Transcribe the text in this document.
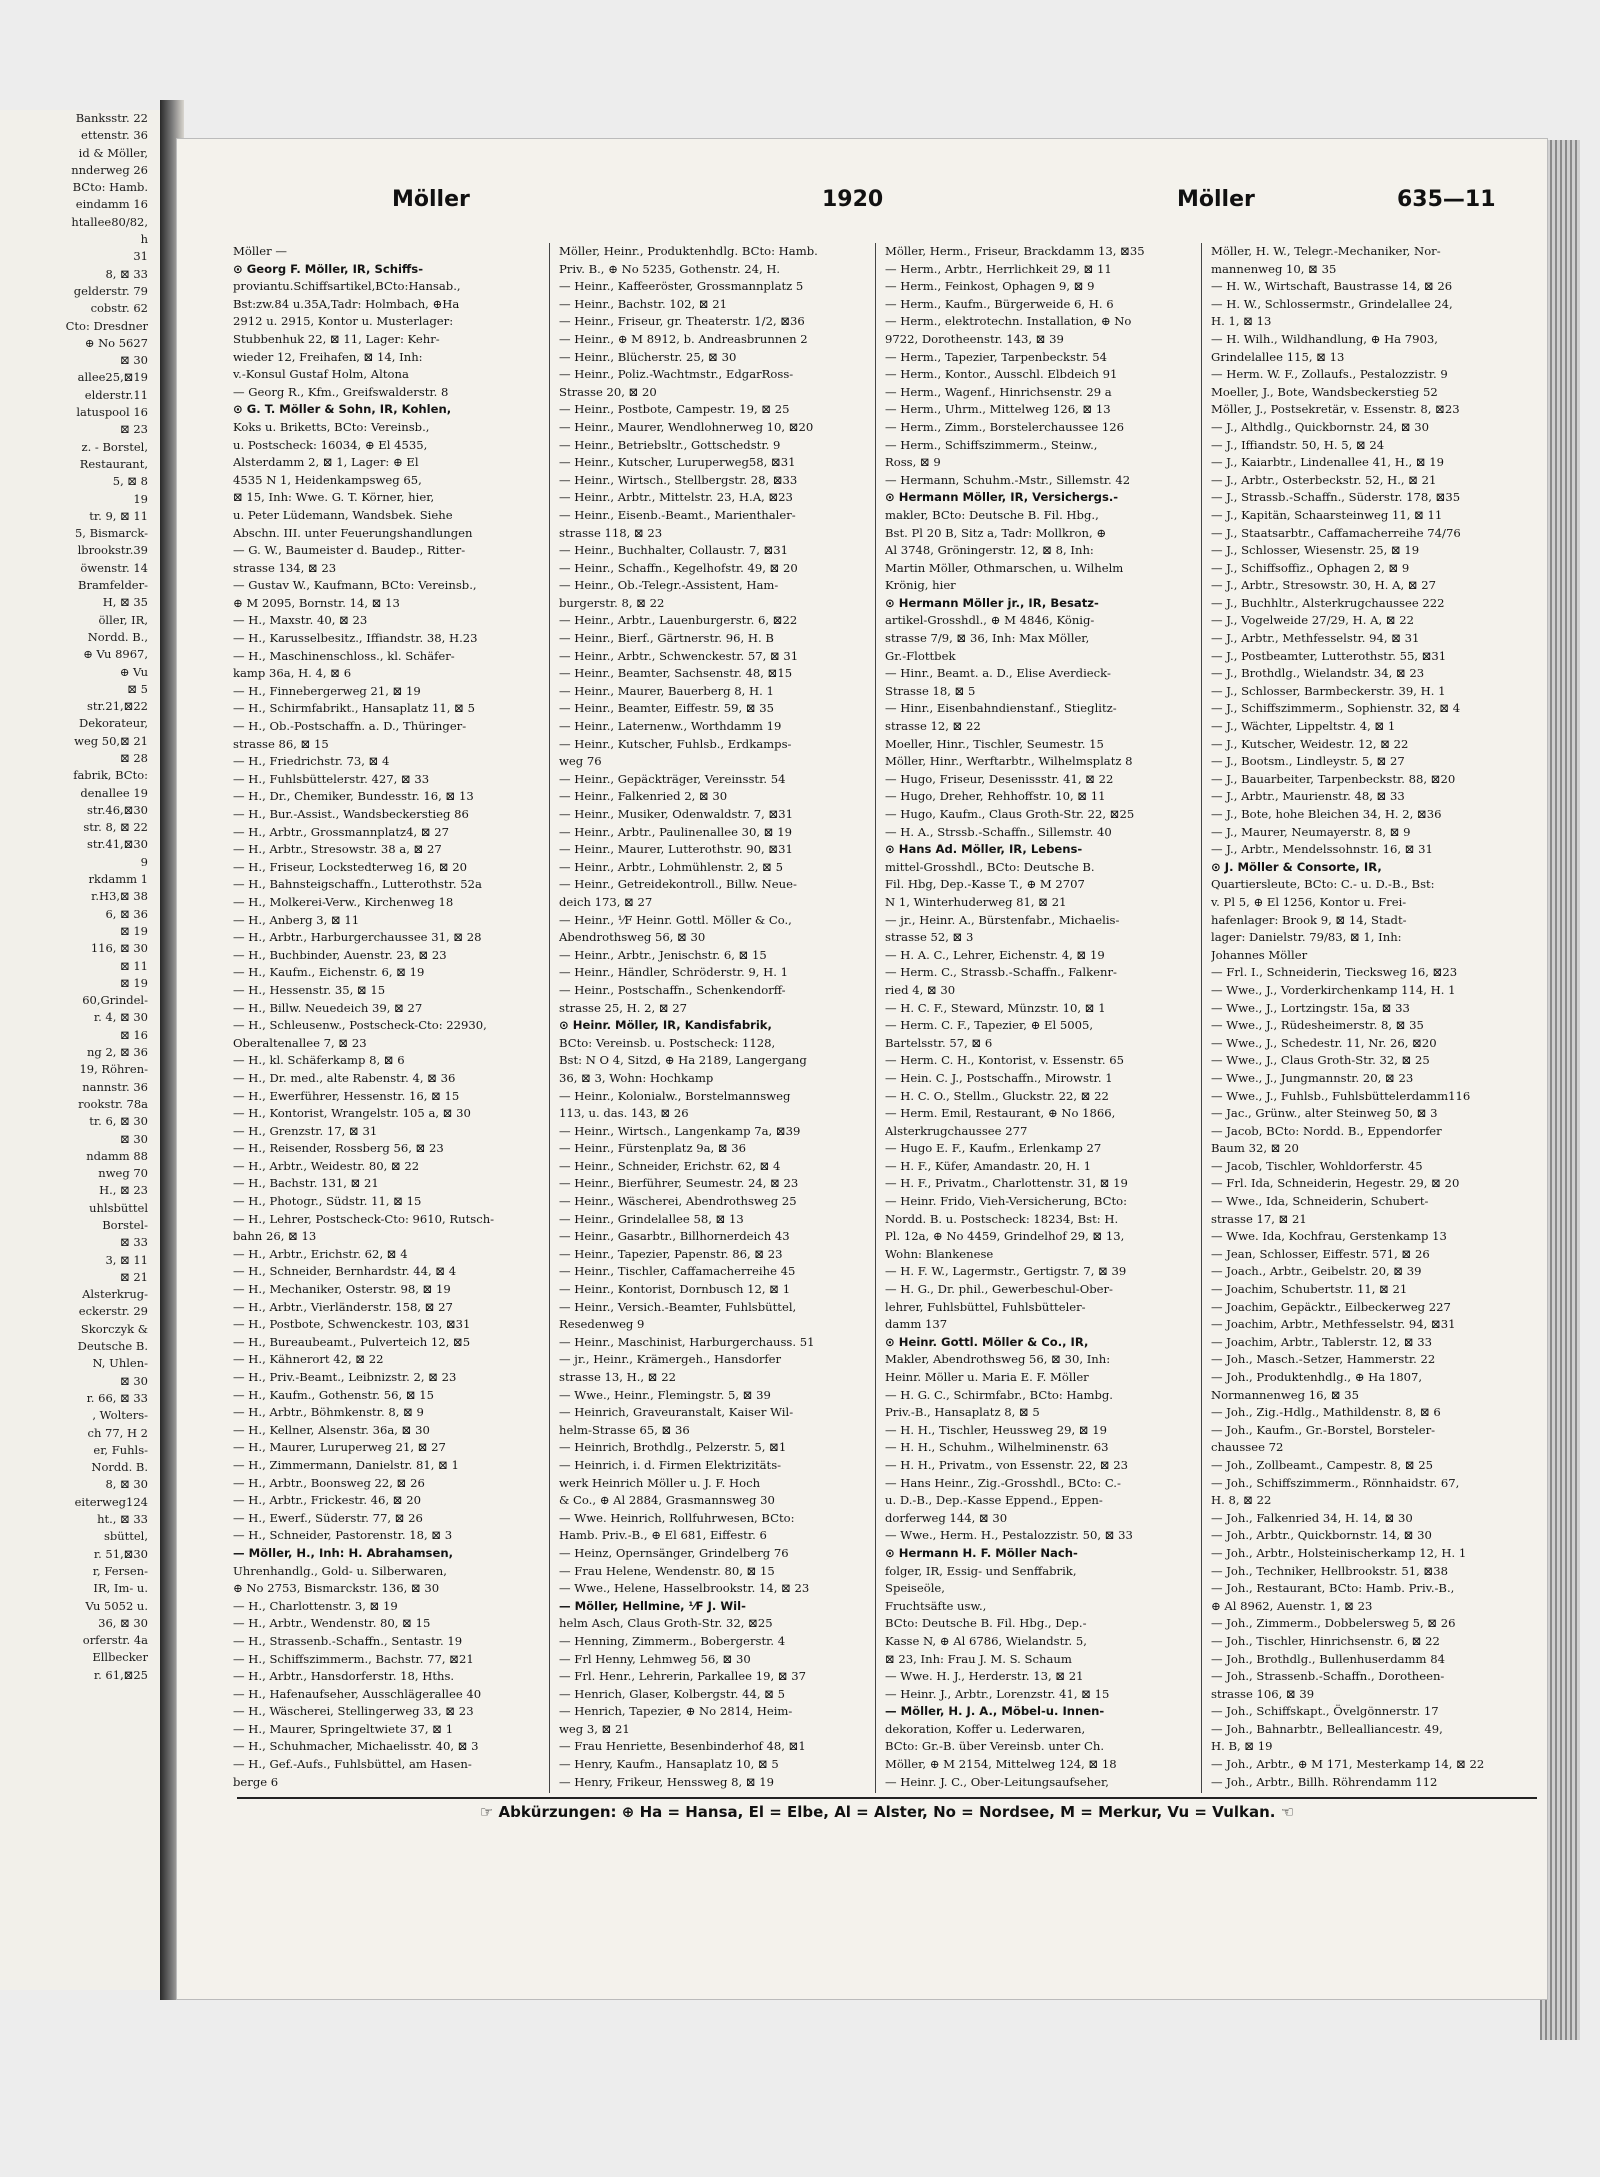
Banksstr. 22
ettenstr. 36
id & Möller,
nnderweg 26
BCto: Hamb.
eindamm 16
htallee80/82,
h
31
8, ⊠ 33
gelderstr. 79
cobstr. 62
Cto: Dresdner
⊕ No 5627
⊠ 30
allee25,⊠19
elderstr.11
latuspool 16
⊠ 23
z. - Borstel,
Restaurant,
5, ⊠ 8
19
tr. 9, ⊠ 11
5, Bismarck-
lbrookstr.39
öwenstr. 14
Bramfelder-
H, ⊠ 35
öller, IR,
Nordd. B.,
⊕ Vu 8967,
⊕ Vu
⊠ 5
str.21,⊠22
Dekorateur,
weg 50,⊠ 21
⊠ 28
fabrik, BCto:
denallee 19
str.46,⊠30
str. 8, ⊠ 22
str.41,⊠30
9
rkdamm 1
r.H3,⊠ 38
6, ⊠ 36
⊠ 19
116, ⊠ 30
⊠ 11
⊠ 19
60,Grindel-
r. 4, ⊠ 30
⊠ 16
ng 2, ⊠ 36
19, Röhren-
nannstr. 36
rookstr. 78a
tr. 6, ⊠ 30
⊠ 30
ndamm 88
nweg 70
H., ⊠ 23
uhlsbüttel
Borstel-
⊠ 33
3, ⊠ 11
⊠ 21
Alsterkrug-
eckerstr. 29
Skorczyk &
Deutsche B.
N, Uhlen-
⊠ 30
r. 66, ⊠ 33
, Wolters-
ch 77, H 2
er, Fuhls-
Nordd. B.
8, ⊠ 30
eiterweg124
ht., ⊠ 33
sbüttel,
r. 51,⊠30
r, Fersen-
IR, Im- u.
Vu 5052 u.
36, ⊠ 30
orferstr. 4a
Ellbecker
r. 61,⊠25
Möller	1920	Möller	635—11
Möller —
⊙ Georg F. Möller, IR, Schiffs-
proviantu.Schiffsartikel,BCto:Hansab.,
Bst:zw.84 u.35A,Tadr: Holmbach, ⊕Ha
2912 u. 2915, Kontor u. Musterlager:
Stubbenhuk 22, ⊠ 11, Lager: Kehr-
wieder 12, Freihafen, ⊠ 14, Inh:
v.-Konsul Gustaf Holm, Altona
— Georg R., Kfm., Greifswalderstr. 8
⊙ G. T. Möller & Sohn, IR, Kohlen,
Koks u. Briketts, BCto: Vereinsb.,
u. Postscheck: 16034, ⊕ El 4535,
Alsterdamm 2, ⊠ 1, Lager: ⊕ El
4535 N 1, Heidenkampsweg 65,
⊠ 15, Inh: Wwe. G. T. Körner, hier,
u. Peter Lüdemann, Wandsbek. Siehe
Abschn. III. unter Feuerungshandlungen
— G. W., Baumeister d. Baudep., Ritter-
strasse 134, ⊠ 23
— Gustav W., Kaufmann, BCto: Vereinsb.,
⊕ M 2095, Bornstr. 14, ⊠ 13
— H., Maxstr. 40, ⊠ 23
— H., Karusselbesitz., Iffiandstr. 38, H.23
— H., Maschinenschloss., kl. Schäfer-
kamp 36a, H. 4, ⊠ 6
— H., Finnebergerweg 21, ⊠ 19
— H., Schirmfabrikt., Hansaplatz 11, ⊠ 5
— H., Ob.-Postschaffn. a. D., Thüringer-
strasse 86, ⊠ 15
— H., Friedrichstr. 73, ⊠ 4
— H., Fuhlsbüttelerstr. 427, ⊠ 33
— H., Dr., Chemiker, Bundesstr. 16, ⊠ 13
— H., Bur.-Assist., Wandsbeckerstieg 86
— H., Arbtr., Grossmannplatz4, ⊠ 27
— H., Arbtr., Stresowstr. 38 a, ⊠ 27
— H., Friseur, Lockstedterweg 16, ⊠ 20
— H., Bahnsteigschaffn., Lutterothstr. 52a
— H., Molkerei-Verw., Kirchenweg 18
— H., Anberg 3, ⊠ 11
— H., Arbtr., Harburgerchaussee 31, ⊠ 28
— H., Buchbinder, Auenstr. 23, ⊠ 23
— H., Kaufm., Eichenstr. 6, ⊠ 19
— H., Hessenstr. 35, ⊠ 15
— H., Billw. Neuedeich 39, ⊠ 27
— H., Schleusenw., Postscheck-Cto: 22930,
Oberaltenallee 7, ⊠ 23
— H., kl. Schäferkamp 8, ⊠ 6
— H., Dr. med., alte Rabenstr. 4, ⊠ 36
— H., Ewerführer, Hessenstr. 16, ⊠ 15
— H., Kontorist, Wrangelstr. 105 a, ⊠ 30
— H., Grenzstr. 17, ⊠ 31
— H., Reisender, Rossberg 56, ⊠ 23
— H., Arbtr., Weidestr. 80, ⊠ 22
— H., Bachstr. 131, ⊠ 21
— H., Photogr., Südstr. 11, ⊠ 15
— H., Lehrer, Postscheck-Cto: 9610, Rutsch-
bahn 26, ⊠ 13
— H., Arbtr., Erichstr. 62, ⊠ 4
— H., Schneider, Bernhardstr. 44, ⊠ 4
— H., Mechaniker, Osterstr. 98, ⊠ 19
— H., Arbtr., Vierländerstr. 158, ⊠ 27
— H., Postbote, Schwenckestr. 103, ⊠31
— H., Bureaubeamt., Pulverteich 12, ⊠5
— H., Kähnerort 42, ⊠ 22
— H., Priv.-Beamt., Leibnizstr. 2, ⊠ 23
— H., Kaufm., Gothenstr. 56, ⊠ 15
— H., Arbtr., Böhmkenstr. 8, ⊠ 9
— H., Kellner, Alsenstr. 36a, ⊠ 30
— H., Maurer, Luruperweg 21, ⊠ 27
— H., Zimmermann, Danielstr. 81, ⊠ 1
— H., Arbtr., Boonsweg 22, ⊠ 26
— H., Arbtr., Frickestr. 46, ⊠ 20
— H., Ewerf., Süderstr. 77, ⊠ 26
— H., Schneider, Pastorenstr. 18, ⊠ 3
— Möller, H., Inh: H. Abrahamsen,
Uhrenhandlg., Gold- u. Silberwaren,
⊕ No 2753, Bismarckstr. 136, ⊠ 30
— H., Charlottenstr. 3, ⊠ 19
— H., Arbtr., Wendenstr. 80, ⊠ 15
— H., Strassenb.-Schaffn., Sentastr. 19
— H., Schiffszimmerm., Bachstr. 77, ⊠21
— H., Arbtr., Hansdorferstr. 18, Hths.
— H., Hafenaufseher, Ausschlägerallee 40
— H., Wäscherei, Stellingerweg 33, ⊠ 23
— H., Maurer, Springeltwiete 37, ⊠ 1
— H., Schuhmacher, Michaelisstr. 40, ⊠ 3
— H., Gef.-Aufs., Fuhlsbüttel, am Hasen-
berge 6
Möller, Heinr., Produktenhdlg. BCto: Hamb.
Priv. B., ⊕ No 5235, Gothenstr. 24, H.
— Heinr., Kaffeeröster, Grossmannplatz 5
— Heinr., Bachstr. 102, ⊠ 21
— Heinr., Friseur, gr. Theaterstr. 1/2, ⊠36
— Heinr., ⊕ M 8912, b. Andreasbrunnen 2
— Heinr., Blücherstr. 25, ⊠ 30
— Heinr., Poliz.-Wachtmstr., EdgarRoss-
Strasse 20, ⊠ 20
— Heinr., Postbote, Campestr. 19, ⊠ 25
— Heinr., Maurer, Wendlohnerweg 10, ⊠20
— Heinr., Betriebsltr., Gottschedstr. 9
— Heinr., Kutscher, Luruperweg58, ⊠31
— Heinr., Wirtsch., Stellbergstr. 28, ⊠33
— Heinr., Arbtr., Mittelstr. 23, H.A, ⊠23
— Heinr., Eisenb.-Beamt., Marienthaler-
strasse 118, ⊠ 23
— Heinr., Buchhalter, Collaustr. 7, ⊠31
— Heinr., Schaffn., Kegelhofstr. 49, ⊠ 20
— Heinr., Ob.-Telegr.-Assistent, Ham-
burgerstr. 8, ⊠ 22
— Heinr., Arbtr., Lauenburgerstr. 6, ⊠22
— Heinr., Bierf., Gärtnerstr. 96, H. B
— Heinr., Arbtr., Schwenckestr. 57, ⊠ 31
— Heinr., Beamter, Sachsenstr. 48, ⊠15
— Heinr., Maurer, Bauerberg 8, H. 1
— Heinr., Beamter, Eiffestr. 59, ⊠ 35
— Heinr., Laternenw., Worthdamm 19
— Heinr., Kutscher, Fuhlsb., Erdkamps-
weg 76
— Heinr., Gepäckträger, Vereinsstr. 54
— Heinr., Falkenried 2, ⊠ 30
— Heinr., Musiker, Odenwaldstr. 7, ⊠31
— Heinr., Arbtr., Paulinenallee 30, ⊠ 19
— Heinr., Maurer, Lutterothstr. 90, ⊠31
— Heinr., Arbtr., Lohmühlenstr. 2, ⊠ 5
— Heinr., Getreidekontroll., Billw. Neue-
deich 173, ⊠ 27
— Heinr., ⅟F Heinr. Gottl. Möller & Co.,
Abendrothsweg 56, ⊠ 30
— Heinr., Arbtr., Jenischstr. 6, ⊠ 15
— Heinr., Händler, Schröderstr. 9, H. 1
— Heinr., Postschaffn., Schenkendorff-
strasse 25, H. 2, ⊠ 27
⊙ Heinr. Möller, IR, Kandisfabrik,
BCto: Vereinsb. u. Postscheck: 1128,
Bst: N O 4, Sitzd, ⊕ Ha 2189, Langergang
36, ⊠ 3, Wohn: Hochkamp
— Heinr., Kolonialw., Borstelmannsweg
113, u. das. 143, ⊠ 26
— Heinr., Wirtsch., Langenkamp 7a, ⊠39
— Heinr., Fürstenplatz 9a, ⊠ 36
— Heinr., Schneider, Erichstr. 62, ⊠ 4
— Heinr., Bierführer, Seumestr. 24, ⊠ 23
— Heinr., Wäscherei, Abendrothsweg 25
— Heinr., Grindelallee 58, ⊠ 13
— Heinr., Gasarbtr., Billhornerdeich 43
— Heinr., Tapezier, Papenstr. 86, ⊠ 23
— Heinr., Tischler, Caffamacherreihe 45
— Heinr., Kontorist, Dornbusch 12, ⊠ 1
— Heinr., Versich.-Beamter, Fuhlsbüttel,
Resedenweg 9
— Heinr., Maschinist, Harburgerchauss. 51
— jr., Heinr., Krämergeh., Hansdorfer
strasse 13, H., ⊠ 22
— Wwe., Heinr., Flemingstr. 5, ⊠ 39
— Heinrich, Graveuranstalt, Kaiser Wil-
helm-Strasse 65, ⊠ 36
— Heinrich, Brothdlg., Pelzerstr. 5, ⊠1
— Heinrich, i. d. Firmen Elektrizitäts-
werk Heinrich Möller u. J. F. Hoch
& Co., ⊕ Al 2884, Grasmannsweg 30
— Wwe. Heinrich, Rollfuhrwesen, BCto:
Hamb. Priv.-B., ⊕ El 681, Eiffestr. 6
— Heinz, Opernsänger, Grindelberg 76
— Frau Helene, Wendenstr. 80, ⊠ 15
— Wwe., Helene, Hasselbrookstr. 14, ⊠ 23
— Möller, Hellmine, ⅟F J. Wil-
helm Asch, Claus Groth-Str. 32, ⊠25
— Henning, Zimmerm., Bobergerstr. 4
— Frl Henny, Lehmweg 56, ⊠ 30
— Frl. Henr., Lehrerin, Parkallee 19, ⊠ 37
— Henrich, Glaser, Kolbergstr. 44, ⊠ 5
— Henrich, Tapezier, ⊕ No 2814, Heim-
weg 3, ⊠ 21
— Frau Henriette, Besenbinderhof 48, ⊠1
— Henry, Kaufm., Hansaplatz 10, ⊠ 5
— Henry, Frikeur, Henssweg 8, ⊠ 19
Möller, Herm., Friseur, Brackdamm 13, ⊠35
— Herm., Arbtr., Herrlichkeit 29, ⊠ 11
— Herm., Feinkost, Ophagen 9, ⊠ 9
— Herm., Kaufm., Bürgerweide 6, H. 6
— Herm., elektrotechn. Installation, ⊕ No
9722, Dorotheenstr. 143, ⊠ 39
— Herm., Tapezier, Tarpenbeckstr. 54
— Herm., Kontor., Ausschl. Elbdeich 91
— Herm., Wagenf., Hinrichsenstr. 29 a
— Herm., Uhrm., Mittelweg 126, ⊠ 13
— Herm., Zimm., Borstelerchaussee 126
— Herm., Schiffszimmerm., Steinw.,
Ross, ⊠ 9
— Hermann, Schuhm.-Mstr., Sillemstr. 42
⊙ Hermann Möller, IR, Versichergs.-
makler, BCto: Deutsche B. Fil. Hbg.,
Bst. Pl 20 B, Sitz a, Tadr: Mollkron, ⊕
Al 3748, Gröningerstr. 12, ⊠ 8, Inh:
Martin Möller, Othmarschen, u. Wilhelm
Krönig, hier
⊙ Hermann Möller jr., IR, Besatz-
artikel-Grosshdl., ⊕ M 4846, König-
strasse 7/9, ⊠ 36, Inh: Max Möller,
Gr.-Flottbek
— Hinr., Beamt. a. D., Elise Averdieck-
Strasse 18, ⊠ 5
— Hinr., Eisenbahndienstanf., Stieglitz-
strasse 12, ⊠ 22
Moeller, Hinr., Tischler, Seumestr. 15
Möller, Hinr., Werftarbtr., Wilhelmsplatz 8
— Hugo, Friseur, Desenissstr. 41, ⊠ 22
— Hugo, Dreher, Rehhoffstr. 10, ⊠ 11
— Hugo, Kaufm., Claus Groth-Str. 22, ⊠25
— H. A., Strssb.-Schaffn., Sillemstr. 40
⊙ Hans Ad. Möller, IR, Lebens-
mittel-Grosshdl., BCto: Deutsche B.
Fil. Hbg, Dep.-Kasse T., ⊕ M 2707
N 1, Winterhuderweg 81, ⊠ 21
— jr., Heinr. A., Bürstenfabr., Michaelis-
strasse 52, ⊠ 3
— H. A. C., Lehrer, Eichenstr. 4, ⊠ 19
— Herm. C., Strassb.-Schaffn., Falkenr-
ried 4, ⊠ 30
— H. C. F., Steward, Münzstr. 10, ⊠ 1
— Herm. C. F., Tapezier, ⊕ El 5005,
Bartelsstr. 57, ⊠ 6
— Herm. C. H., Kontorist, v. Essenstr. 65
— Hein. C. J., Postschaffn., Mirowstr. 1
— H. C. O., Stellm., Gluckstr. 22, ⊠ 22
— Herm. Emil, Restaurant, ⊕ No 1866,
Alsterkrugchaussee 277
— Hugo E. F., Kaufm., Erlenkamp 27
— H. F., Küfer, Amandastr. 20, H. 1
— H. F., Privatm., Charlottenstr. 31, ⊠ 19
— Heinr. Frido, Vieh-Versicherung, BCto:
Nordd. B. u. Postscheck: 18234, Bst: H.
Pl. 12a, ⊕ No 4459, Grindelhof 29, ⊠ 13,
Wohn: Blankenese
— H. F. W., Lagermstr., Gertigstr. 7, ⊠ 39
— H. G., Dr. phil., Gewerbeschul-Ober-
lehrer, Fuhlsbüttel, Fuhlsbütteler-
damm 137
⊙ Heinr. Gottl. Möller & Co., IR,
Makler, Abendrothsweg 56, ⊠ 30, Inh:
Heinr. Möller u. Maria E. F. Möller
— H. G. C., Schirmfabr., BCto: Hambg.
Priv.-B., Hansaplatz 8, ⊠ 5
— H. H., Tischler, Heussweg 29, ⊠ 19
— H. H., Schuhm., Wilhelminenstr. 63
— H. H., Privatm., von Essenstr. 22, ⊠ 23
— Hans Heinr., Zig.-Grosshdl., BCto: C.-
u. D.-B., Dep.-Kasse Eppend., Eppen-
dorferweg 144, ⊠ 30
— Wwe., Herm. H., Pestalozzistr. 50, ⊠ 33
⊙ Hermann H. F. Möller Nach-
folger, IR, Essig- und Senffabrik,
Speiseöle,
Fruchtsäfte usw.,
BCto: Deutsche B. Fil. Hbg., Dep.-
Kasse N, ⊕ Al 6786, Wielandstr. 5,
⊠ 23, Inh: Frau J. M. S. Schaum
— Wwe. H. J., Herderstr. 13, ⊠ 21
— Heinr. J., Arbtr., Lorenzstr. 41, ⊠ 15
— Möller, H. J. A., Möbel-u. Innen-
dekoration, Koffer u. Lederwaren,
BCto: Gr.-B. über Vereinsb. unter Ch.
Möller, ⊕ M 2154, Mittelweg 124, ⊠ 18
— Heinr. J. C., Ober-Leitungsaufseher,
Möller, H. W., Telegr.-Mechaniker, Nor-
mannenweg 10, ⊠ 35
— H. W., Wirtschaft, Baustrasse 14, ⊠ 26
— H. W., Schlossermstr., Grindelallee 24,
H. 1, ⊠ 13
— H. Wilh., Wildhandlung, ⊕ Ha 7903,
Grindelallee 115, ⊠ 13
— Herm. W. F., Zollaufs., Pestalozzistr. 9
Moeller, J., Bote, Wandsbeckerstieg 52
Möller, J., Postsekretär, v. Essenstr. 8, ⊠23
— J., Althdlg., Quickbornstr. 24, ⊠ 30
— J., Iffiandstr. 50, H. 5, ⊠ 24
— J., Kaiarbtr., Lindenallee 41, H., ⊠ 19
— J., Arbtr., Osterbeckstr. 52, H., ⊠ 21
— J., Strassb.-Schaffn., Süderstr. 178, ⊠35
— J., Kapitän, Schaarsteinweg 11, ⊠ 11
— J., Staatsarbtr., Caffamacherreihe 74/76
— J., Schlosser, Wiesenstr. 25, ⊠ 19
— J., Schiffsoffiz., Ophagen 2, ⊠ 9
— J., Arbtr., Stresowstr. 30, H. A, ⊠ 27
— J., Buchhltr., Alsterkrugchaussee 222
— J., Vogelweide 27/29, H. A, ⊠ 22
— J., Arbtr., Methfesselstr. 94, ⊠ 31
— J., Postbeamter, Lutterothstr. 55, ⊠31
— J., Brothdlg., Wielandstr. 34, ⊠ 23
— J., Schlosser, Barmbeckerstr. 39, H. 1
— J., Schiffszimmerm., Sophienstr. 32, ⊠ 4
— J., Wächter, Lippeltstr. 4, ⊠ 1
— J., Kutscher, Weidestr. 12, ⊠ 22
— J., Bootsm., Lindleystr. 5, ⊠ 27
— J., Bauarbeiter, Tarpenbeckstr. 88, ⊠20
— J., Arbtr., Maurienstr. 48, ⊠ 33
— J., Bote, hohe Bleichen 34, H. 2, ⊠36
— J., Maurer, Neumayerstr. 8, ⊠ 9
— J., Arbtr., Mendelssohnstr. 16, ⊠ 31
⊙ J. Möller & Consorte, IR,
Quartiersleute, BCto: C.- u. D.-B., Bst:
v. Pl 5, ⊕ El 1256, Kontor u. Frei-
hafenlager: Brook 9, ⊠ 14, Stadt-
lager: Danielstr. 79/83, ⊠ 1, Inh:
Johannes Möller
— Frl. I., Schneiderin, Tiecksweg 16, ⊠23
— Wwe., J., Vorderkirchenkamp 114, H. 1
— Wwe., J., Lortzingstr. 15a, ⊠ 33
— Wwe., J., Rüdesheimerstr. 8, ⊠ 35
— Wwe., J., Schedestr. 11, Nr. 26, ⊠20
— Wwe., J., Claus Groth-Str. 32, ⊠ 25
— Wwe., J., Jungmannstr. 20, ⊠ 23
— Wwe., J., Fuhlsb., Fuhlsbüttelerdamm116
— Jac., Grünw., alter Steinweg 50, ⊠ 3
— Jacob, BCto: Nordd. B., Eppendorfer
Baum 32, ⊠ 20
— Jacob, Tischler, Wohldorferstr. 45
— Frl. Ida, Schneiderin, Hegestr. 29, ⊠ 20
— Wwe., Ida, Schneiderin, Schubert-
strasse 17, ⊠ 21
— Wwe. Ida, Kochfrau, Gerstenkamp 13
— Jean, Schlosser, Eiffestr. 571, ⊠ 26
— Joach., Arbtr., Geibelstr. 20, ⊠ 39
— Joachim, Schubertstr. 11, ⊠ 21
— Joachim, Gepäcktr., Eilbeckerweg 227
— Joachim, Arbtr., Methfesselstr. 94, ⊠31
— Joachim, Arbtr., Tablerstr. 12, ⊠ 33
— Joh., Masch.-Setzer, Hammerstr. 22
— Joh., Produktenhdlg., ⊕ Ha 1807,
Normannenweg 16, ⊠ 35
— Joh., Zig.-Hdlg., Mathildenstr. 8, ⊠ 6
— Joh., Kaufm., Gr.-Borstel, Borsteler-
chaussee 72
— Joh., Zollbeamt., Campestr. 8, ⊠ 25
— Joh., Schiffszimmerm., Rönnhaidstr. 67,
H. 8, ⊠ 22
— Joh., Falkenried 34, H. 14, ⊠ 30
— Joh., Arbtr., Quickbornstr. 14, ⊠ 30
— Joh., Arbtr., Holsteinischerkamp 12, H. 1
— Joh., Techniker, Hellbrookstr. 51, ⊠38
— Joh., Restaurant, BCto: Hamb. Priv.-B.,
⊕ Al 8962, Auenstr. 1, ⊠ 23
— Joh., Zimmerm., Dobbelersweg 5, ⊠ 26
— Joh., Tischler, Hinrichsenstr. 6, ⊠ 22
— Joh., Brothdlg., Bullenhuserdamm 84
— Joh., Strassenb.-Schaffn., Dorotheen-
strasse 106, ⊠ 39
— Joh., Schiffskapt., Övelgönnerstr. 17
— Joh., Bahnarbtr., Bellealliancestr. 49,
H. B, ⊠ 19
— Joh., Arbtr., ⊕ M 171, Mesterkamp 14, ⊠ 22
— Joh., Arbtr., Billh. Röhrendamm 112
☞ Abkürzungen: ⊕ Ha = Hansa, El = Elbe, Al = Alster, No = Nordsee, M = Merkur, Vu = Vulkan. ☜
